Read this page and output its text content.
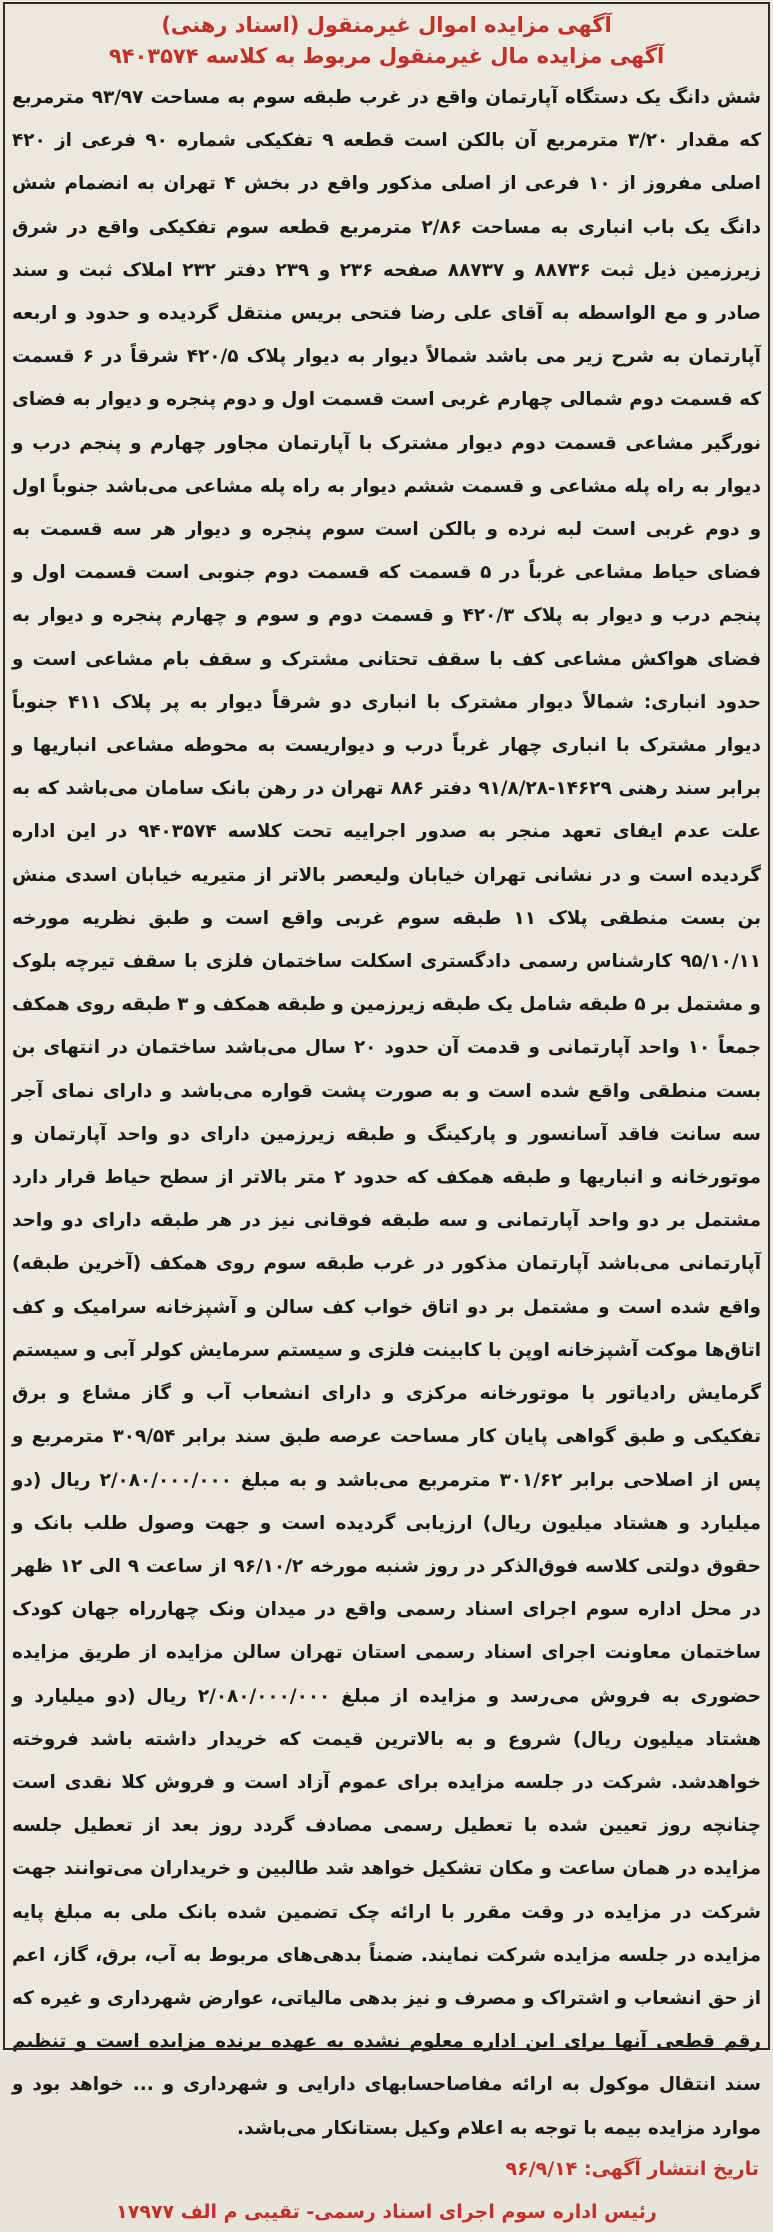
آگهی مزایده اموال غیرمنقول (اسناد رهنی)
آگهی مزایده مال غیرمنقول مربوط به کلاسه ۹۴۰۳۵۷۴

شش دانگ یک دستگاه آپارتمان واقع در غرب طبقه سوم به مساحت ۹۳/۹۷ مترمربع که مقدار ۳/۲۰ مترمربع آن بالکن است قطعه ۹ تفکیکی شماره ۹۰ فرعی از ۴۲۰ اصلی مفروز از ۱۰ فرعی از اصلی مذکور واقع در بخش ۴ تهران به انضمام شش دانگ یک باب انباری به مساحت ۲/۸۶ مترمربع قطعه سوم تفکیکی واقع در شرق زیرزمین ذیل ثبت ۸۸۷۳۶ و ۸۸۷۳۷ صفحه ۲۳۶ و ۲۳۹ دفتر ۲۳۲ املاک ثبت و سند صادر و مع الواسطه به آقای علی رضا فتحی بریس منتقل گردیده و حدود و اربعه آپارتمان به شرح زیر می باشد شمالاً دیوار به دیوار پلاک ۴۲۰/۵ شرقاً در ۶ قسمت که قسمت دوم شمالی چهارم غربی است قسمت اول و دوم پنجره و دیوار به فضای نورگیر مشاعی قسمت دوم دیوار مشترک با آپارتمان مجاور چهارم و پنجم درب و دیوار به راه پله مشاعی و قسمت ششم دیوار به راه پله مشاعی می‌باشد جنوباً اول و دوم غربی است لبه نرده و بالکن است سوم پنجره و دیوار هر سه قسمت به فضای حیاط مشاعی غرباً در ۵ قسمت که قسمت دوم جنوبی است قسمت اول و پنجم درب و دیوار به پلاک ۴۲۰/۳ و قسمت دوم و سوم و چهارم پنجره و دیوار به فضای هواکش مشاعی کف با سقف تحتانی مشترک و سقف بام مشاعی است و حدود انباری: شمالاً دیوار مشترک با انباری دو شرقاً دیوار به پر پلاک ۴۱۱ جنوباً دیوار مشترک با انباری چهار غرباً درب و دیواریست به محوطه مشاعی انباریها و برابر سند رهنی ۱۴۶۲۹-۹۱/۸/۲۸ دفتر ۸۸۶ تهران در رهن بانک سامان می‌باشد که به علت عدم ایفای تعهد منجر به صدور اجراییه تحت کلاسه ۹۴۰۳۵۷۴ در این اداره گردیده است و در نشانی تهران خیابان ولیعصر بالاتر از متیریه خیابان اسدی منش بن بست منطقی پلاک ۱۱ طبقه سوم غربی واقع است و طبق نظریه مورخه ۹۵/۱۰/۱۱ کارشناس رسمی دادگستری اسکلت ساختمان فلزی با سقف تیرچه بلوک و مشتمل بر ۵ طبقه شامل یک طبقه زیرزمین و طبقه همکف و ۳ طبقه روی همکف جمعاً ۱۰ واحد آپارتمانی و قدمت آن حدود ۲۰ سال می‌باشد ساختمان در انتهای بن بست منطقی واقع شده است و به صورت پشت قواره می‌باشد و دارای نمای آجر سه سانت فاقد آسانسور و پارکینگ و طبقه زیرزمین دارای دو واحد آپارتمان و موتورخانه و انباریها و طبقه همکف که حدود ۲ متر بالاتر از سطح حیاط قرار دارد مشتمل بر دو واحد آپارتمانی و سه طبقه فوقانی نیز در هر طبقه دارای دو واحد آپارتمانی می‌باشد آپارتمان مذکور در غرب طبقه سوم روی همکف (آخرین طبقه) واقع شده است و مشتمل بر دو اتاق خواب کف سالن و آشپزخانه سرامیک و کف اتاق‌ها موکت آشپزخانه اوپن با کابینت فلزی و سیستم سرمایش کولر آبی و سیستم گرمایش رادیاتور با موتورخانه مرکزی و دارای انشعاب آب و گاز مشاع و برق تفکیکی و طبق گواهی پایان کار مساحت عرصه طبق سند برابر ۳۰۹/۵۴ مترمربع و پس از اصلاحی برابر ۳۰۱/۶۲ مترمربع می‌باشد و به مبلغ ۲/۰۸۰/۰۰۰/۰۰۰ ریال (دو میلیارد و هشتاد میلیون ریال) ارزیابی گردیده است و جهت وصول طلب بانک و حقوق دولتی کلاسه فوق‌الذکر در روز شنبه مورخه ۹۶/۱۰/۲ از ساعت ۹ الی ۱۲ ظهر در محل اداره سوم اجرای اسناد رسمی واقع در میدان ونک چهارراه جهان کودک ساختمان معاونت اجرای اسناد رسمی استان تهران سالن مزایده از طریق مزایده حضوری به فروش می‌رسد و مزایده از مبلغ ۲/۰۸۰/۰۰۰/۰۰۰ ریال (دو میلیارد و هشتاد میلیون ریال) شروع و به بالاترین قیمت که خریدار داشته باشد فروخته خواهدشد. شرکت در جلسه مزایده برای عموم آزاد است و فروش کلا نقدی است چنانچه روز تعیین شده با تعطیل رسمی مصادف گردد روز بعد از تعطیل جلسه مزایده در همان ساعت و مکان تشکیل خواهد شد طالبین و خریداران می‌توانند جهت شرکت در مزایده در وقت مقرر با ارائه چک تضمین شده بانک ملی به مبلغ پایه مزایده در جلسه مزایده شرکت نمایند. ضمناً بدهی‌های مربوط به آب، برق، گاز، اعم از حق انشعاب و اشتراک و مصرف و نیز بدهی مالیاتی، عوارض شهرداری و غیره که رقم قطعی آنها برای این اداره معلوم نشده به عهده برنده مزایده است و تنظیم سند انتقال موکول به ارائه مفاصاحسابهای دارایی و شهرداری و ... خواهد بود و موارد مزایده بیمه با توجه به اعلام وکیل بستانکار می‌باشد.

تاریخ انتشار آگهی: ۹۶/۹/۱۴
رئیس اداره سوم اجرای اسناد رسمی- تقیبی م الف ۱۷۹۷۷
